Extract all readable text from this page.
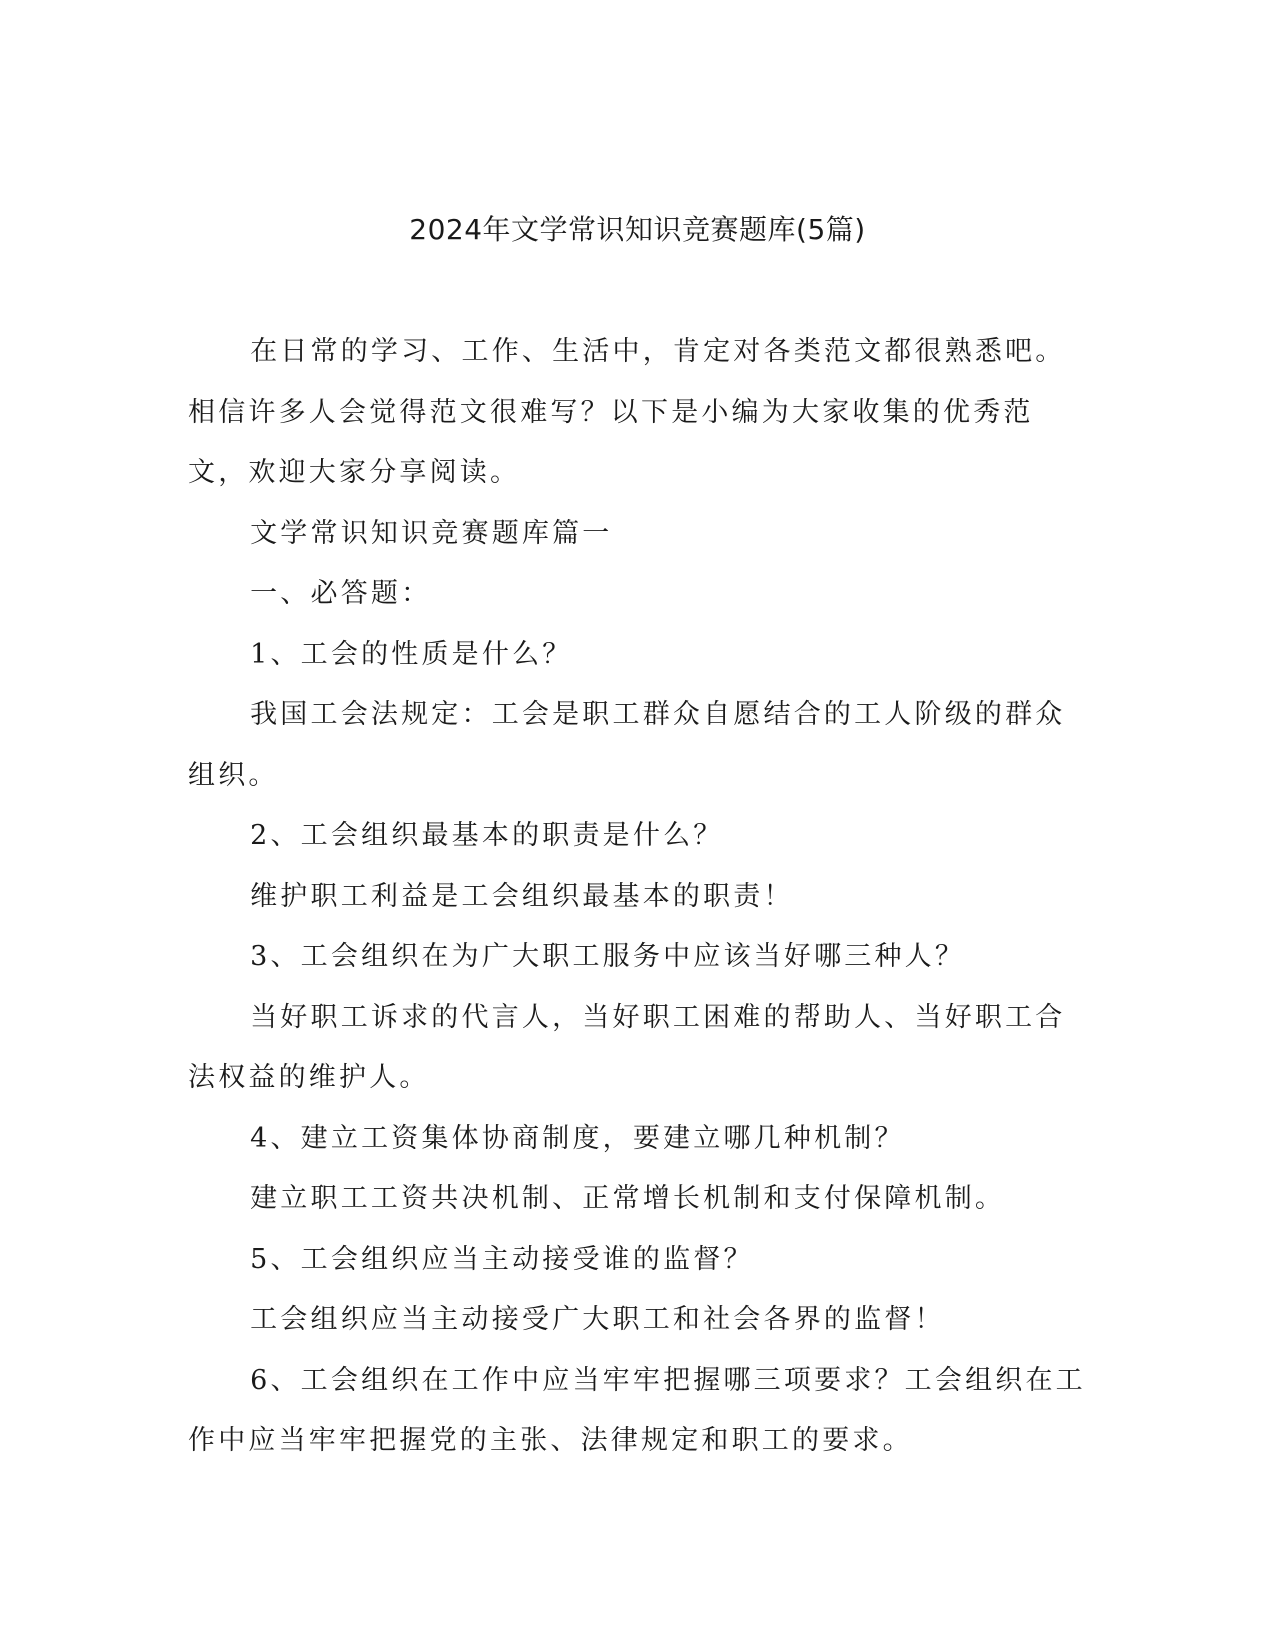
2024年文学常识知识竞赛题库(5篇)

在日常的学习、工作、生活中，肯定对各类范文都很熟悉吧。相信许多人会觉得范文很难写？以下是小编为大家收集的优秀范文，欢迎大家分享阅读。

文学常识知识竞赛题库篇一

一、必答题：

1、工会的性质是什么？

我国工会法规定：工会是职工群众自愿结合的工人阶级的群众组织。

2、工会组织最基本的职责是什么？

维护职工利益是工会组织最基本的职责！

3、工会组织在为广大职工服务中应该当好哪三种人？

当好职工诉求的代言人，当好职工困难的帮助人、当好职工合法权益的维护人。

4、建立工资集体协商制度，要建立哪几种机制？

建立职工工资共决机制、正常增长机制和支付保障机制。

5、工会组织应当主动接受谁的监督？

工会组织应当主动接受广大职工和社会各界的监督！

6、工会组织在工作中应当牢牢把握哪三项要求？工会组织在工作中应当牢牢把握党的主张、法律规定和职工的要求。
